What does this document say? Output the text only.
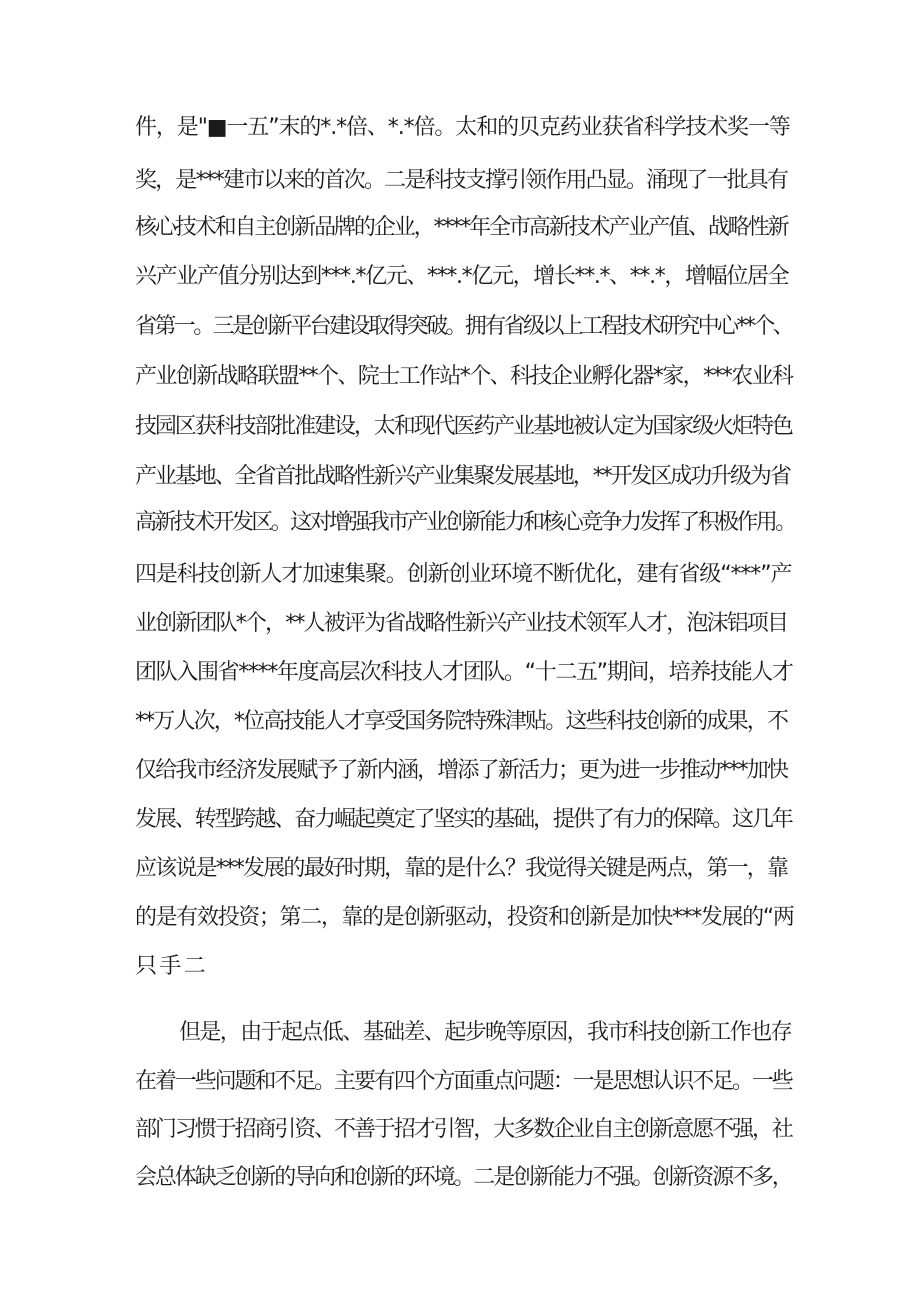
件，是"■一五”末的*.*倍、*.*倍。太和的贝克药业获省科学技术奖一等
奖，是***建市以来的首次。二是科技支撑引领作用凸显。涌现了一批具有
核心技术和自主创新品牌的企业，****年全市高新技术产业产值、战略性新
兴产业产值分别达到***.*亿元、***.*亿元，增长**.*、**.*，增幅位居全
省第一。三是创新平台建设取得突破。拥有省级以上工程技术研究中心**个、
产业创新战略联盟**个、院士工作站*个、科技企业孵化器*家，***农业科
技园区获科技部批准建设，太和现代医药产业基地被认定为国家级火炬特色
产业基地、全省首批战略性新兴产业集聚发展基地，**开发区成功升级为省
高新技术开发区。这对增强我市产业创新能力和核心竞争力发挥了积极作用。
四是科技创新人才加速集聚。创新创业环境不断优化，建有省级“***”产
业创新团队*个，**人被评为省战略性新兴产业技术领军人才，泡沫铝项目
团队入围省****年度高层次科技人才团队。“十二五”期间，培养技能人才
**万人次，*位高技能人才享受国务院特殊津贴。这些科技创新的成果，不
仅给我市经济发展赋予了新内涵，增添了新活力；更为进一步推动***加快
发展、转型跨越、奋力崛起奠定了坚实的基础，提供了有力的保障。这几年
应该说是***发展的最好时期，靠的是什么？我觉得关键是两点，第一，靠
的是有效投资；第二，靠的是创新驱动，投资和创新是加快***发展的“两
只手二
但是，由于起点低、基础差、起步晚等原因，我市科技创新工作也存
在着一些问题和不足。主要有四个方面重点问题：一是思想认识不足。一些
部门习惯于招商引资、不善于招才引智，大多数企业自主创新意愿不强，社
会总体缺乏创新的导向和创新的环境。二是创新能力不强。创新资源不多，
